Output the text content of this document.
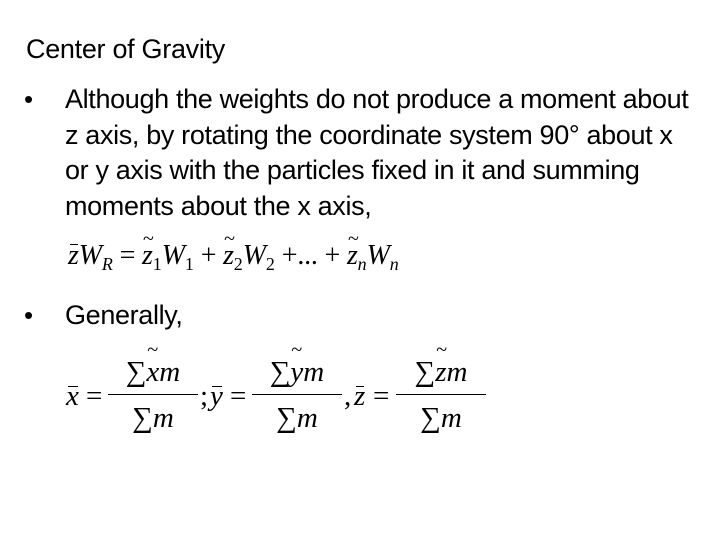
Center of Gravity
• Although the weights do not produce a moment about
z axis, by rotating the coordinate system 90° about x
or y axis with the particles fixed in it and summing
moments about the x axis,
$zW_R$ = ~ $z_1W_1$ + ~ $z_2W_2$ +... + ~ $z_nW_n$
• Generally,
x =
∑~ xm
∑m
; y =
∑~ ym
∑m
, z =
∑~ zm
∑m
